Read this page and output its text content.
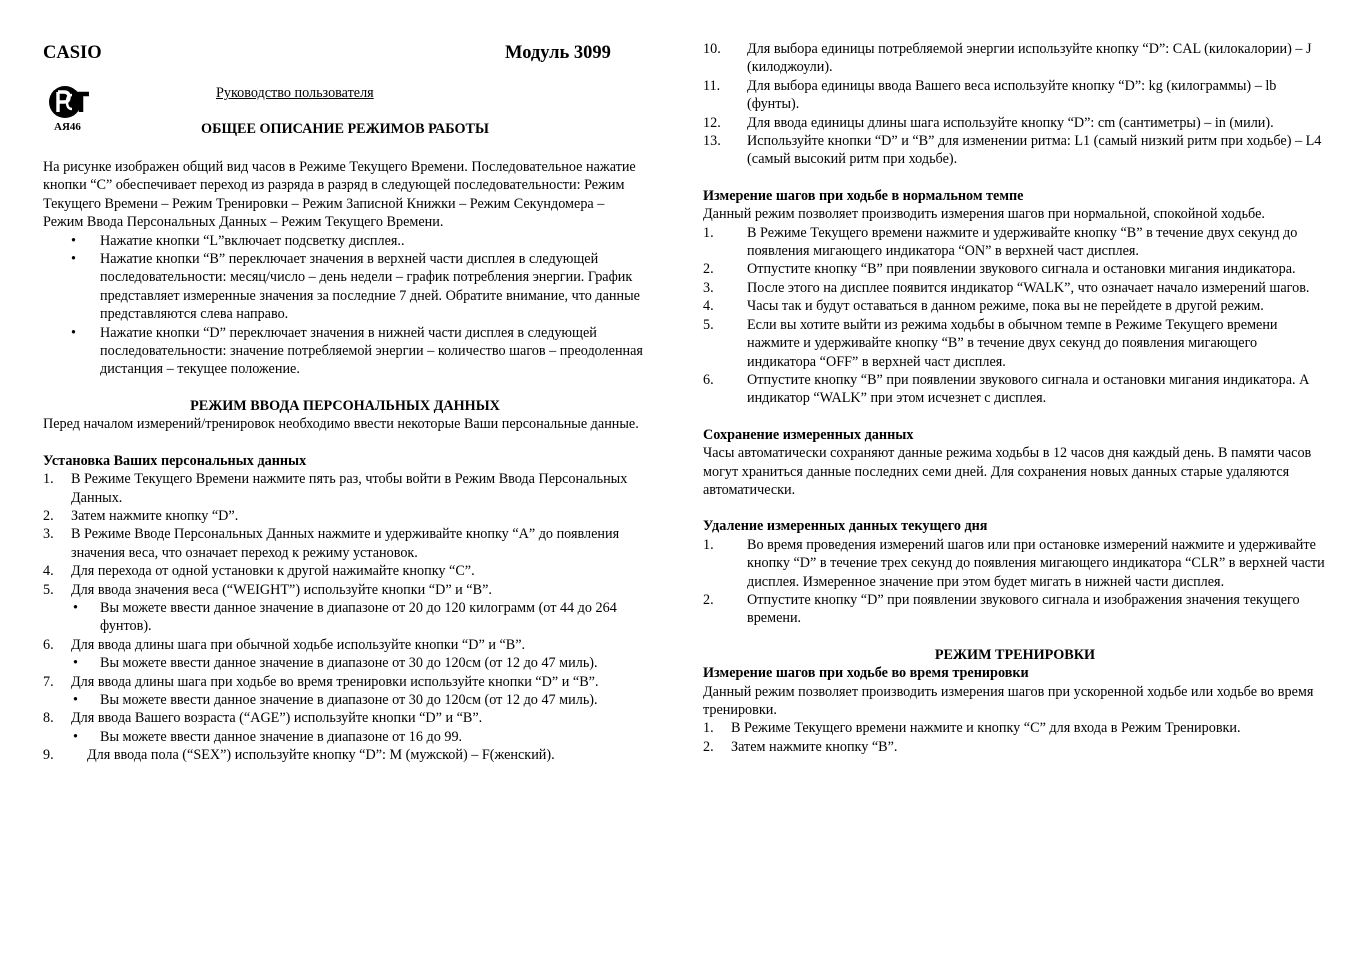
CASIO	Модуль 3099
АЯ46
Руководство пользователя
ОБЩЕЕ ОПИСАНИЕ РЕЖИМОВ РАБОТЫ

На рисунке изображен общий вид часов в Режиме Текущего Времени. Последовательное нажатие кнопки “С” обеспечивает переход из разряда в разряд в следующей последовательности: Режим Текущего Времени – Режим Тренировки – Режим Записной Книжки – Режим Секундомера – Режим Ввода Персональных Данных – Режим Текущего Времени.

• Нажатие кнопки “L”включает подсветку дисплея..
• Нажатие кнопки “В” переключает значения в верхней части дисплея в следующей последовательности: месяц/число – день недели – график потребления энергии. График представляет измеренные значения за последние 7 дней. Обратите внимание, что данные представляются слева направо.
• Нажатие кнопки “D” переключает значения в нижней части дисплея в следующей последовательности: значение потребляемой энергии – количество шагов – преодоленная дистанция – текущее положение.
РЕЖИМ ВВОДА ПЕРСОНАЛЬНЫХ ДАННЫХ

Перед началом измерений/тренировок необходимо ввести некоторые Ваши персональные данные.

Установка Ваших персональных данных
1. В Режиме Текущего Времени нажмите пять раз, чтобы войти в Режим Ввода Персональных Данных.
2. Затем нажмите кнопку “D”.
3. В Режиме Вводе Персональных Данных нажмите и удерживайте кнопку “А” до появления значения веса, что означает переход к режиму установок.
4. Для перехода от одной установки к другой нажимайте кнопку “С”.
5. Для ввода значения веса (“WEIGHT”) используйте кнопки “D” и “В”.
• Вы можете ввести данное значение в диапазоне от 20 до 120 килограмм (от 44 до 264 фунтов).
6. Для ввода длины шага при обычной ходьбе используйте кнопки “D” и “В”.
• Вы можете ввести данное значение в диапазоне от 30 до 120см (от 12 до 47 миль).
7. Для ввода длины шага при ходьбе во время тренировки используйте кнопки “D” и “В”.
• Вы можете ввести данное значение в диапазоне от 30 до 120см (от 12 до 47 миль).
8. Для ввода Вашего возраста (“AGE”) используйте кнопки “D” и “В”.
• Вы можете ввести данное значение в диапазоне от 16 до 99.
9. Для ввода пола (“SEX”) используйте кнопку “D”: M (мужской) – F(женский).
10. Для выбора единицы потребляемой энергии используйте кнопку “D”: CAL (килокалории) – J (килоджоули).
11. Для выбора единицы ввода Вашего веса используйте кнопку “D”: kg (килограммы) – lb (фунты).
12. Для ввода единицы длины шага используйте кнопку “D”: cm (сантиметры) – in (мили).
13. Используйте кнопки “D” и “В” для изменении ритма: L1 (самый низкий ритм при ходьбе) – L4 (самый высокий ритм при ходьбе).
Измерение шагов при ходьбе в нормальном темпе

Данный режим позволяет производить измерения шагов при нормальной, спокойной ходьбе.

1. В Режиме Текущего времени нажмите и удерживайте кнопку “В” в течение двух секунд до появления мигающего индикатора “ON” в верхней част дисплея.
2. Отпустите кнопку “В” при появлении звукового сигнала и остановки мигания индикатора.
3. После этого на дисплее появится индикатор “WALK”, что означает начало измерений шагов.
4. Часы так и будут оставаться в данном режиме, пока вы не перейдете в другой режим.
5. Если вы хотите выйти из режима ходьбы в обычном темпе в Режиме Текущего времени нажмите и удерживайте кнопку “В” в течение двух секунд до появления мигающего индикатора “OFF” в верхней част дисплея.
6. Отпустите кнопку “В” при появлении звукового сигнала и остановки мигания индикатора. А индикатор “WALK” при этом исчезнет с дисплея.
Сохранение измеренных данных

Часы автоматически сохраняют данные режима ходьбы в 12 часов дня каждый день. В памяти часов могут храниться данные последних семи дней. Для сохранения новых данных старые удаляются автоматически.

Удаление измеренных данных текущего дня
1. Во время проведения измерений шагов или при остановке измерений нажмите и удерживайте кнопку “D” в течение трех секунд до появления мигающего индикатора “CLR” в верхней части дисплея. Измеренное значение при этом будет мигать в нижней части дисплея.
2. Отпустите кнопку “D” при появлении звукового сигнала и изображения значения текущего времени.
РЕЖИМ ТРЕНИРОВКИ
Измерение шагов при ходьбе во время тренировки

Данный режим позволяет производить измерения шагов при ускоренной ходьбе или ходьбе во время тренировки.

1. В Режиме Текущего времени нажмите и кнопку “С” для входа в Режим Тренировки.
2. Затем нажмите кнопку “В”.
